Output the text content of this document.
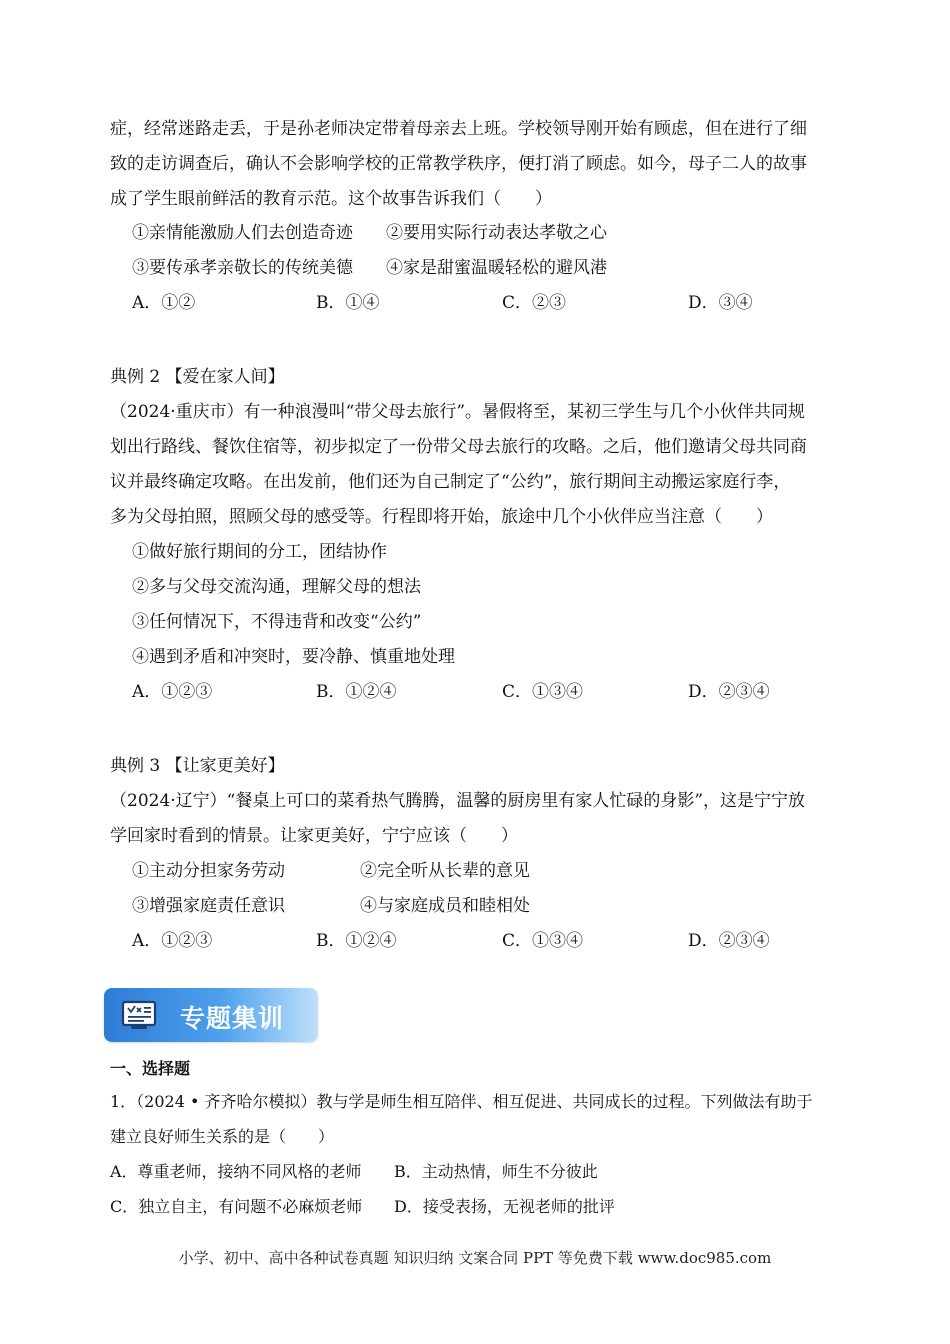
症，经常迷路走丢，于是孙老师决定带着母亲去上班。学校领导刚开始有顾虑，但在进行了细
致的走访调查后，确认不会影响学校的正常教学秩序，便打消了顾虑。如今，母子二人的故事
成了学生眼前鲜活的教育示范。这个故事告诉我们（　　）
①亲情能激励人们去创造奇迹 ②要用实际行动表达孝敬之心
③要传承孝亲敬长的传统美德 ④家是甜蜜温暖轻松的避风港
A．①②	B．①④	C．②③	D．③④
典例 2 【爱在家人间】
（2024·重庆市）有一种浪漫叫“带父母去旅行”。暑假将至，某初三学生与几个小伙伴共同规
划出行路线、餐饮住宿等，初步拟定了一份带父母去旅行的攻略。之后，他们邀请父母共同商
议并最终确定攻略。在出发前，他们还为自己制定了“公约”，旅行期间主动搬运家庭行李，
多为父母拍照，照顾父母的感受等。行程即将开始，旅途中几个小伙伴应当注意（　　）
①做好旅行期间的分工，团结协作
②多与父母交流沟通，理解父母的想法
③任何情况下，不得违背和改变“公约”
④遇到矛盾和冲突时，要冷静、慎重地处理
A．①②③	B．①②④	C．①③④	D．②③④
典例 3 【让家更美好】
（2024·辽宁）“餐桌上可口的菜肴热气腾腾，温馨的厨房里有家人忙碌的身影”，这是宁宁放
学回家时看到的情景。让家更美好，宁宁应该（　　）
①主动分担家务劳动	②完全听从长辈的意见
③增强家庭责任意识	④与家庭成员和睦相处
A．①②③	B．①②④	C．①③④	D．②③④
专题集训
一、选择题
1．（2024 • 齐齐哈尔模拟）教与学是师生相互陪伴、相互促进、共同成长的过程。下列做法有助于
建立良好师生关系的是（　　）
A．尊重老师，接纳不同风格的老师 B．主动热情，师生不分彼此
C．独立自主，有问题不必麻烦老师 D．接受表扬，无视老师的批评
小学、初中、高中各种试卷真题 知识归纳 文案合同 PPT 等免费下载 www.doc985.com
